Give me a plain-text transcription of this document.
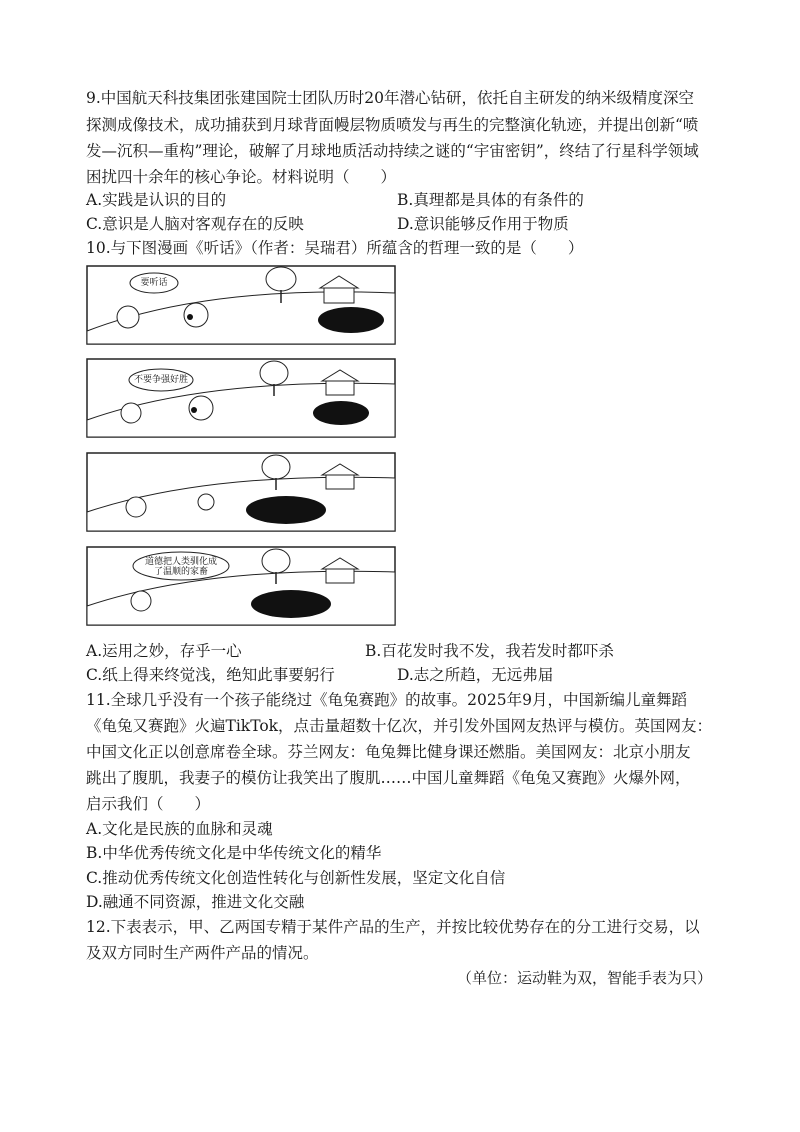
9.中国航天科技集团张建国院士团队历时20年潜心钻研，依托自主研发的纳米级精度深空
探测成像技术，成功捕获到月球背面幔层物质喷发与再生的完整演化轨迹，并提出创新“喷
发—沉积—重构”理论，破解了月球地质活动持续之谜的“宇宙密钥”，终结了行星科学领域
困扰四十余年的核心争论。材料说明（　　）
A.实践是认识的目的	B.真理都是具体的有条件的
C.意识是人脑对客观存在的反映	D.意识能够反作用于物质
10.与下图漫画《听话》（作者：吴瑞君）所蕴含的哲理一致的是（　　）
要听话
不要争强好胜
道德把人类驯化成了温顺的家畜
A.运用之妙，存乎一心	B.百花发时我不发，我若发时都吓杀
C.纸上得来终觉浅，绝知此事要躬行	D.志之所趋，无远弗届
11.全球几乎没有一个孩子能绕过《龟兔赛跑》的故事。2025年9月，中国新编儿童舞蹈
《龟兔又赛跑》火遍TikTok，点击量超数十亿次，并引发外国网友热评与模仿。英国网友：
中国文化正以创意席卷全球。芬兰网友：龟兔舞比健身课还燃脂。美国网友：北京小朋友
跳出了腹肌，我妻子的模仿让我笑出了腹肌……中国儿童舞蹈《龟兔又赛跑》火爆外网，
启示我们（　　）
A.文化是民族的血脉和灵魂
B.中华优秀传统文化是中华传统文化的精华
C.推动优秀传统文化创造性转化与创新性发展，坚定文化自信
D.融通不同资源，推进文化交融
12.下表表示，甲、乙两国专精于某件产品的生产，并按比较优势存在的分工进行交易，以
及双方同时生产两件产品的情况。
（单位：运动鞋为双，智能手表为只）
